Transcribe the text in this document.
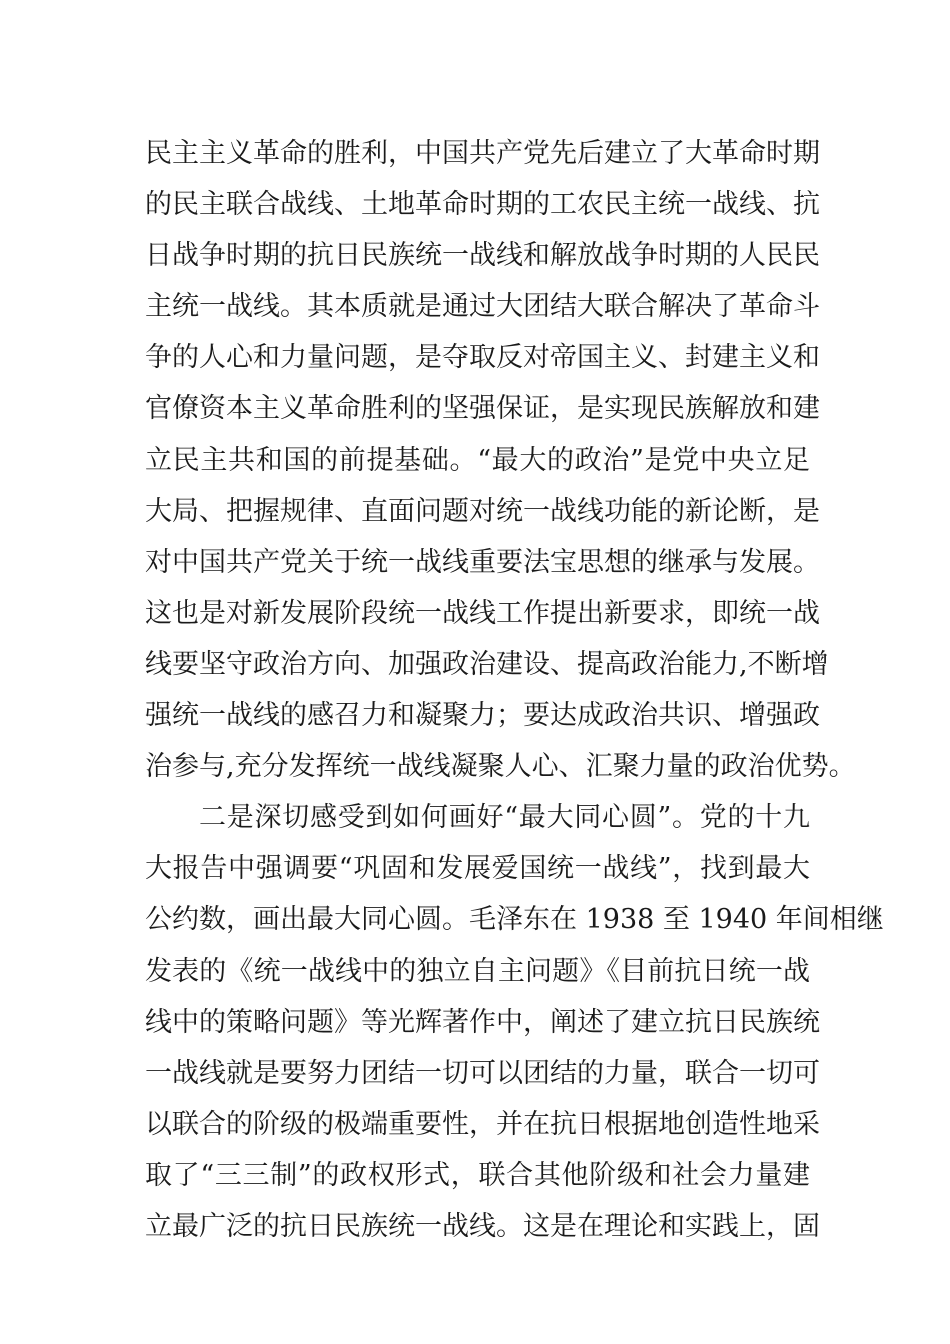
民主主义革命的胜利，中国共产党先后建立了大革命时期
的民主联合战线、土地革命时期的工农民主统一战线、抗
日战争时期的抗日民族统一战线和解放战争时期的人民民
主统一战线。其本质就是通过大团结大联合解决了革命斗
争的人心和力量问题，是夺取反对帝国主义、封建主义和
官僚资本主义革命胜利的坚强保证，是实现民族解放和建
立民主共和国的前提基础。“最大的政治”是党中央立足
大局、把握规律、直面问题对统一战线功能的新论断，是
对中国共产党关于统一战线重要法宝思想的继承与发展。
这也是对新发展阶段统一战线工作提出新要求，即统一战
线要坚守政治方向、加强政治建设、提高政治能力,不断增
强统一战线的感召力和凝聚力；要达成政治共识、增强政
治参与,充分发挥统一战线凝聚人心、汇聚力量的政治优势。
二是深切感受到如何画好“最大同心圆”。党的十九
大报告中强调要“巩固和发展爱国统一战线”，找到最大
公约数，画出最大同心圆。毛泽东在 1938 至 1940 年间相继
发表的《统一战线中的独立自主问题》《目前抗日统一战
线中的策略问题》等光辉著作中，阐述了建立抗日民族统
一战线就是要努力团结一切可以团结的力量，联合一切可
以联合的阶级的极端重要性，并在抗日根据地创造性地采
取了“三三制”的政权形式，联合其他阶级和社会力量建
立最广泛的抗日民族统一战线。这是在理论和实践上，固
